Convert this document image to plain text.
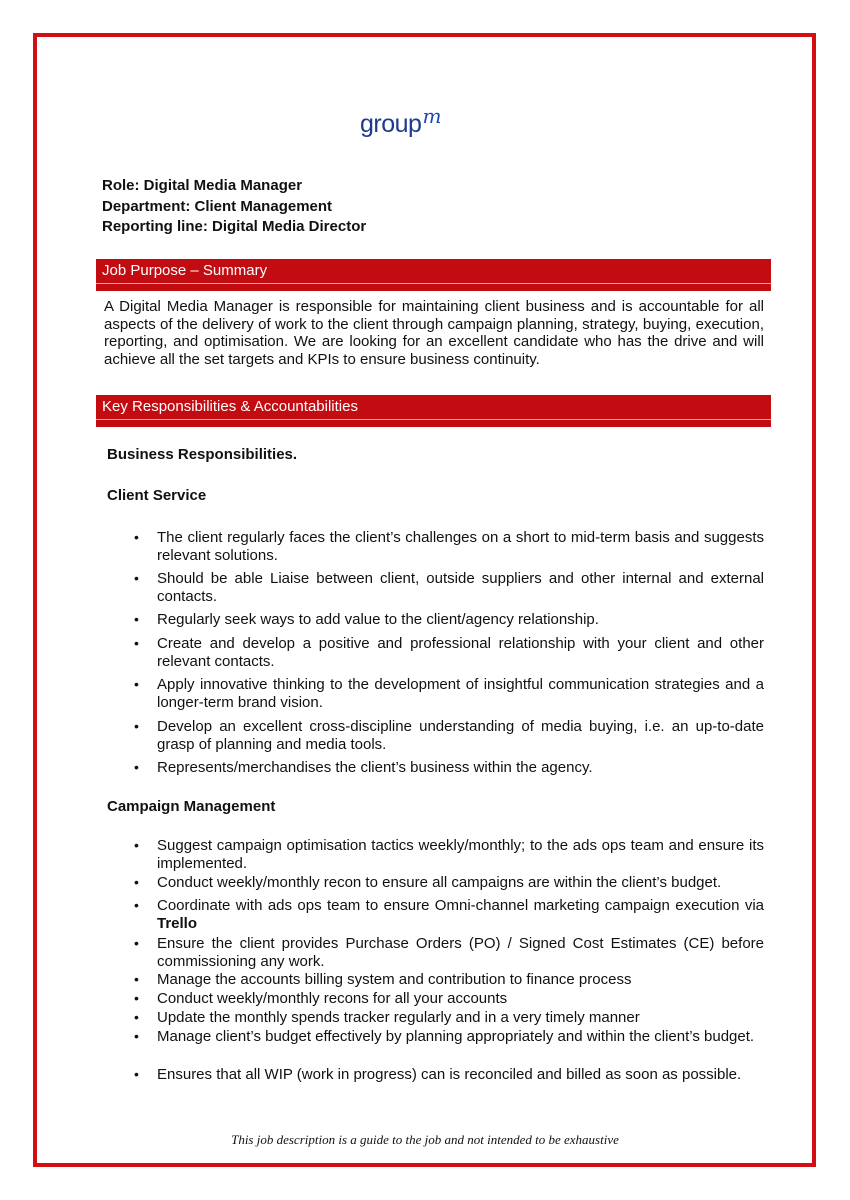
group$^m$
Role: Digital Media Manager
Department: Client Management
Reporting line: Digital Media Director
Job Purpose – Summary
A Digital Media Manager is responsible for maintaining client business and is accountable for all aspects of the delivery of work to the client through campaign planning, strategy, buying, execution, reporting, and optimisation. We are looking for an excellent candidate who has the drive and will achieve all the set targets and KPIs to ensure business continuity.
Key Responsibilities & Accountabilities
Business Responsibilities.
Client Service
• The client regularly faces the client’s challenges on a short to mid-term basis and suggests relevant solutions.
• Should be able Liaise between client, outside suppliers and other internal and external contacts.
• Regularly seek ways to add value to the client/agency relationship.
• Create and develop a positive and professional relationship with your client and other relevant contacts.
• Apply innovative thinking to the development of insightful communication strategies and a longer-term brand vision.
• Develop an excellent cross-discipline understanding of media buying, i.e. an up-to-date grasp of planning and media tools.
• Represents/merchandises the client’s business within the agency.
Campaign Management
• Suggest campaign optimisation tactics weekly/monthly; to the ads ops team and ensure its implemented.
• Conduct weekly/monthly recon to ensure all campaigns are within the client’s budget.
• Coordinate with ads ops team to ensure Omni-channel marketing campaign execution via Trello
• Ensure the client provides Purchase Orders (PO) / Signed Cost Estimates (CE) before commissioning any work.
• Manage the accounts billing system and contribution to finance process
• Conduct weekly/monthly recons for all your accounts
• Update the monthly spends tracker regularly and in a very timely manner
• Manage client’s budget effectively by planning appropriately and within the client’s budget.
• Ensures that all WIP (work in progress) can is reconciled and billed as soon as possible.
This job description is a guide to the job and not intended to be exhaustive
